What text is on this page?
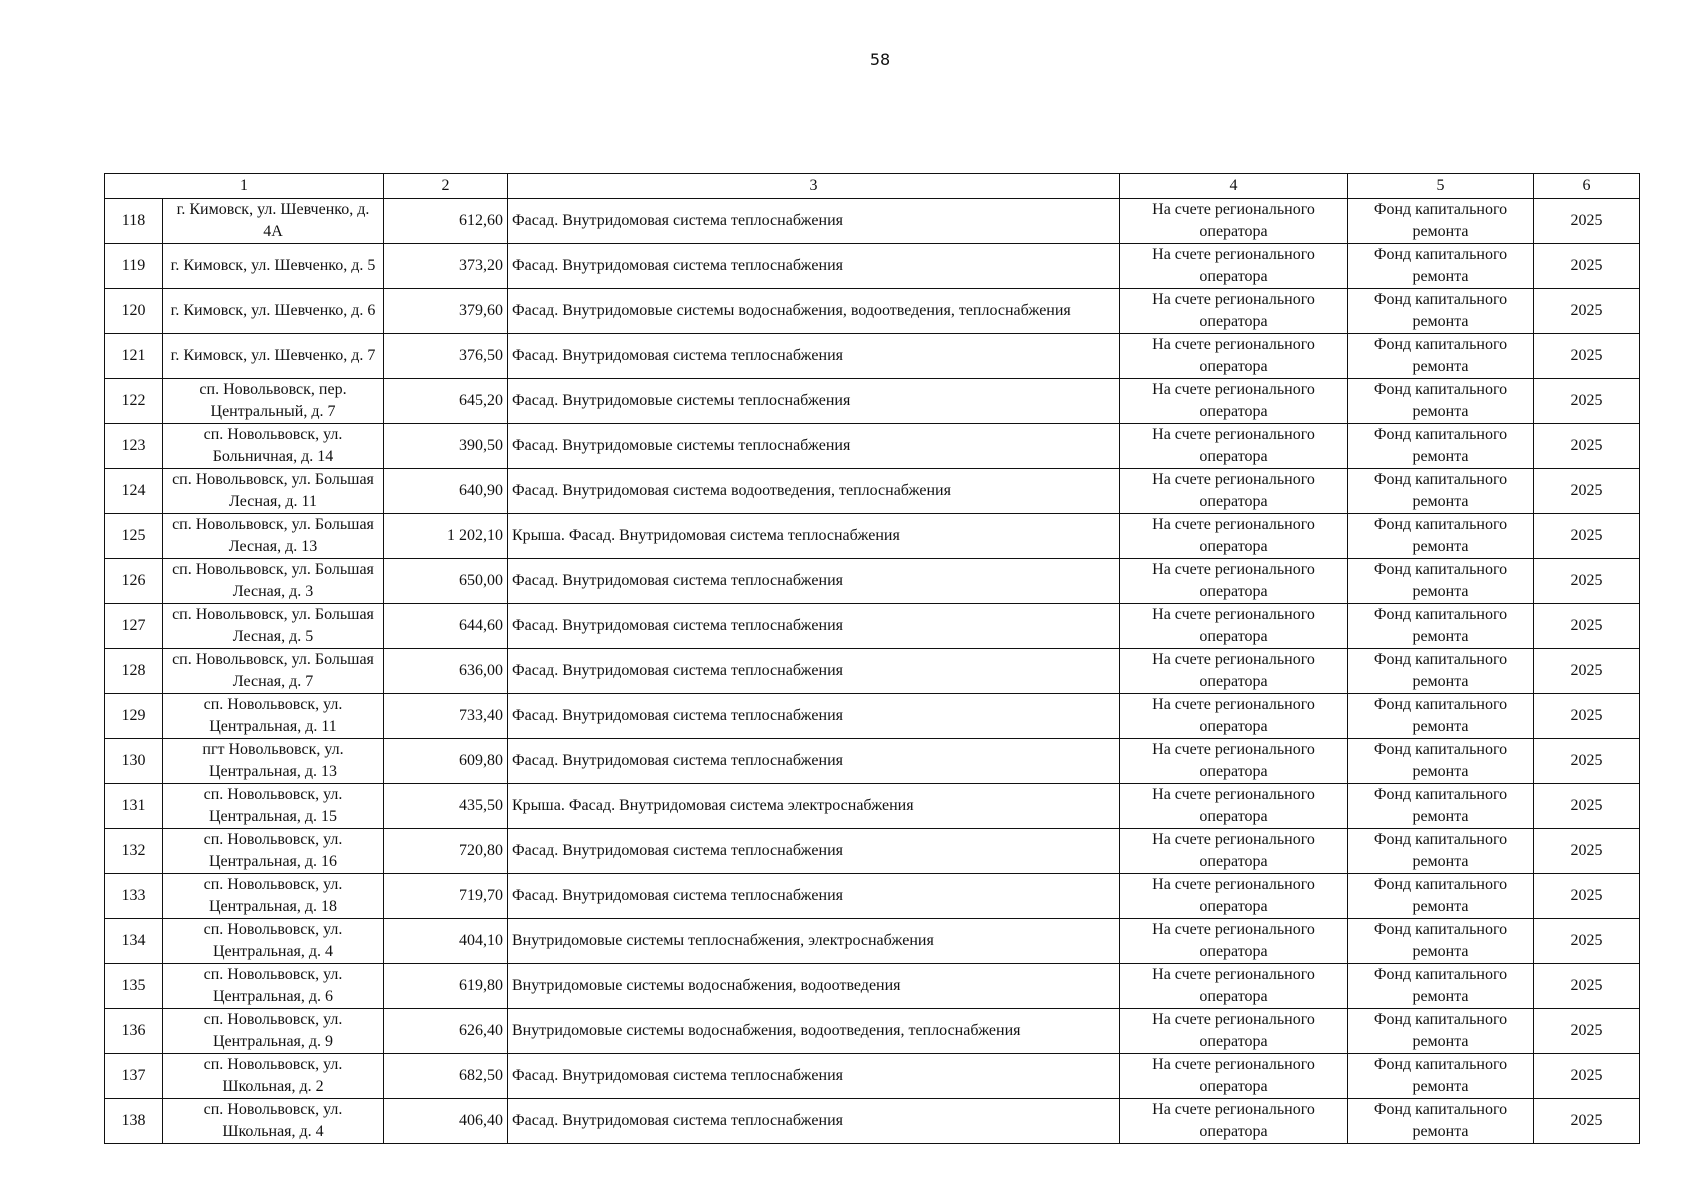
58
1		2	3	4	5	6
118	г. Кимовск, ул. Шевченко, д. 4А	612,60	Фасад. Внутридомовая система теплоснабжения	На счете регионального оператора	Фонд капитального ремонта	2025
119	г. Кимовск, ул. Шевченко, д. 5	373,20	Фасад. Внутридомовая система теплоснабжения	На счете регионального оператора	Фонд капитального ремонта	2025
120	г. Кимовск, ул. Шевченко, д. 6	379,60	Фасад. Внутридомовые системы водоснабжения, водоотведения, теплоснабжения	На счете регионального оператора	Фонд капитального ремонта	2025
121	г. Кимовск, ул. Шевченко, д. 7	376,50	Фасад. Внутридомовая система теплоснабжения	На счете регионального оператора	Фонд капитального ремонта	2025
122	сп. Новольвовск, пер. Центральный, д. 7	645,20	Фасад. Внутридомовые системы теплоснабжения	На счете регионального оператора	Фонд капитального ремонта	2025
123	сп. Новольвовск, ул. Больничная, д. 14	390,50	Фасад. Внутридомовые системы теплоснабжения	На счете регионального оператора	Фонд капитального ремонта	2025
124	сп. Новольвовск, ул. Большая Лесная, д. 11	640,90	Фасад. Внутридомовая система водоотведения, теплоснабжения	На счете регионального оператора	Фонд капитального ремонта	2025
125	сп. Новольвовск, ул. Большая Лесная, д. 13	1 202,10	Крыша. Фасад. Внутридомовая система теплоснабжения	На счете регионального оператора	Фонд капитального ремонта	2025
126	сп. Новольвовск, ул. Большая Лесная, д. 3	650,00	Фасад. Внутридомовая система теплоснабжения	На счете регионального оператора	Фонд капитального ремонта	2025
127	сп. Новольвовск, ул. Большая Лесная, д. 5	644,60	Фасад. Внутридомовая система теплоснабжения	На счете регионального оператора	Фонд капитального ремонта	2025
128	сп. Новольвовск, ул. Большая Лесная, д. 7	636,00	Фасад. Внутридомовая система теплоснабжения	На счете регионального оператора	Фонд капитального ремонта	2025
129	сп. Новольвовск, ул. Центральная, д. 11	733,40	Фасад. Внутридомовая система теплоснабжения	На счете регионального оператора	Фонд капитального ремонта	2025
130	пгт Новольвовск, ул. Центральная, д. 13	609,80	Фасад. Внутридомовая система теплоснабжения	На счете регионального оператора	Фонд капитального ремонта	2025
131	сп. Новольвовск, ул. Центральная, д. 15	435,50	Крыша. Фасад. Внутридомовая система электроснабжения	На счете регионального оператора	Фонд капитального ремонта	2025
132	сп. Новольвовск, ул. Центральная, д. 16	720,80	Фасад. Внутридомовая система теплоснабжения	На счете регионального оператора	Фонд капитального ремонта	2025
133	сп. Новольвовск, ул. Центральная, д. 18	719,70	Фасад. Внутридомовая система теплоснабжения	На счете регионального оператора	Фонд капитального ремонта	2025
134	сп. Новольвовск, ул. Центральная, д. 4	404,10	Внутридомовые системы теплоснабжения, электроснабжения	На счете регионального оператора	Фонд капитального ремонта	2025
135	сп. Новольвовск, ул. Центральная, д. 6	619,80	Внутридомовые системы водоснабжения, водоотведения	На счете регионального оператора	Фонд капитального ремонта	2025
136	сп. Новольвовск, ул. Центральная, д. 9	626,40	Внутридомовые системы водоснабжения, водоотведения, теплоснабжения	На счете регионального оператора	Фонд капитального ремонта	2025
137	сп. Новольвовск, ул. Школьная, д. 2	682,50	Фасад. Внутридомовая система теплоснабжения	На счете регионального оператора	Фонд капитального ремонта	2025
138	сп. Новольвовск, ул. Школьная, д. 4	406,40	Фасад. Внутридомовая система теплоснабжения	На счете регионального оператора	Фонд капитального ремонта	2025
